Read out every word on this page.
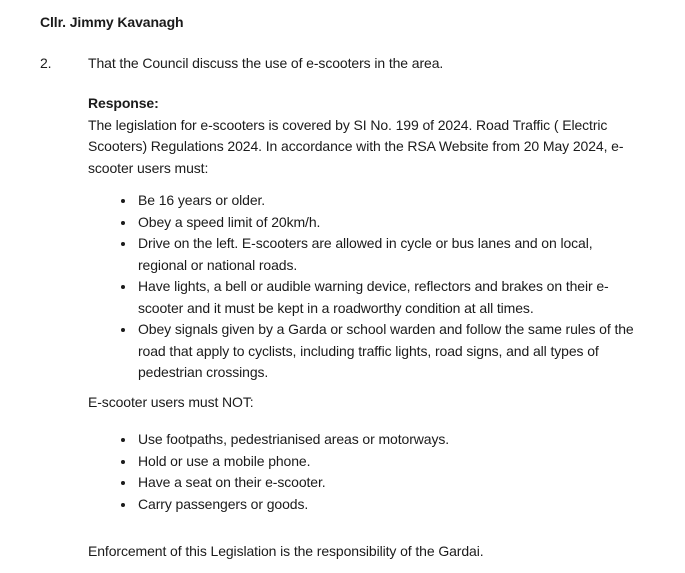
Cllr. Jimmy Kavanagh
2.	That the Council discuss the use of e-scooters in the area.

Response:

The legislation for e-scooters is covered by SI No. 199 of 2024. Road Traffic ( Electric Scooters) Regulations 2024. In accordance with the RSA Website from 20 May 2024, e-scooter users must:

• Be 16 years or older.
• Obey a speed limit of 20km/h.
• Drive on the left. E-scooters are allowed in cycle or bus lanes and on local, regional or national roads.
• Have lights, a bell or audible warning device, reflectors and brakes on their e-scooter and it must be kept in a roadworthy condition at all times.
• Obey signals given by a Garda or school warden and follow the same rules of the road that apply to cyclists, including traffic lights, road signs, and all types of pedestrian crossings.

E-scooter users must NOT:

• Use footpaths, pedestrianised areas or motorways.
• Hold or use a mobile phone.
• Have a seat on their e-scooter.
• Carry passengers or goods.

Enforcement of this Legislation is the responsibility of the Gardai.
